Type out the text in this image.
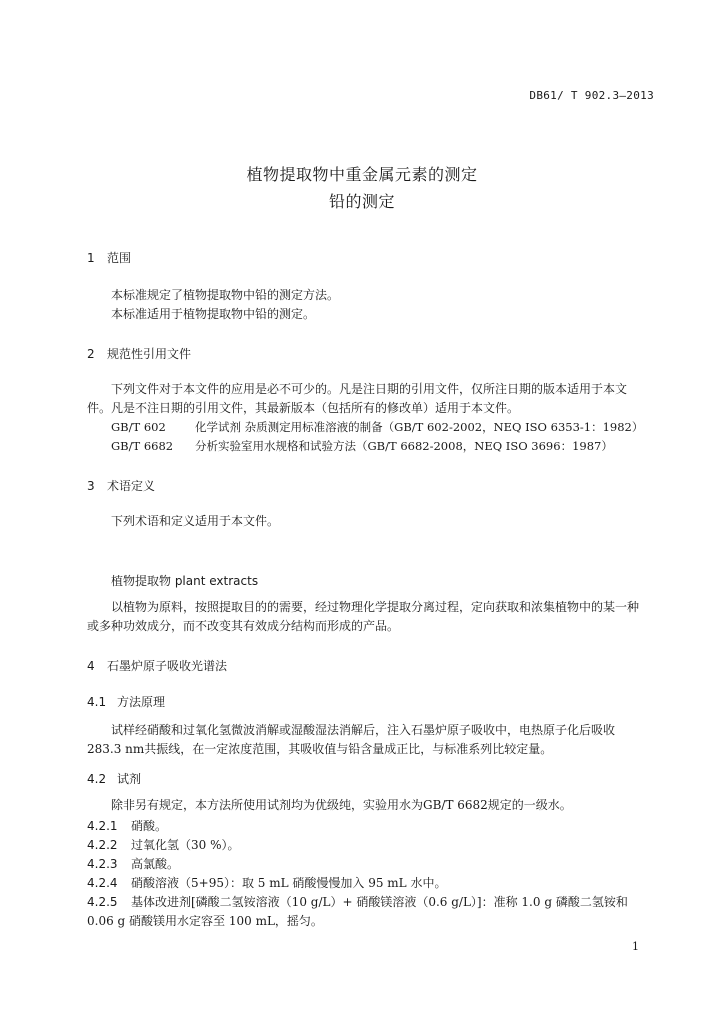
DB61/ T 902.3—2013
植物提取物中重金属元素的测定
铅的测定
1 范围
本标准规定了植物提取物中铅的测定方法。
本标准适用于植物提取物中铅的测定。
2 规范性引用文件
下列文件对于本文件的应用是必不可少的。凡是注日期的引用文件，仅所注日期的版本适用于本文
件。凡是不注日期的引用文件，其最新版本（包括所有的修改单）适用于本文件。
GB/T 602	化学试剂 杂质测定用标准溶液的制备（GB/T 602-2002，NEQ ISO 6353-1：1982）
GB/T 6682 分析实验室用水规格和试验方法（GB/T 6682-2008，NEQ ISO 3696：1987）
3 术语定义
下列术语和定义适用于本文件。
植物提取物 plant extracts
以植物为原料，按照提取目的的需要，经过物理化学提取分离过程，定向获取和浓集植物中的某一种
或多种功效成分，而不改变其有效成分结构而形成的产品。
4 石墨炉原子吸收光谱法
4.1 方法原理
试样经硝酸和过氧化氢微波消解或湿酸湿法消解后，注入石墨炉原子吸收中，电热原子化后吸收
283.3 nm共振线，在一定浓度范围，其吸收值与铅含量成正比，与标准系列比较定量。
4.2 试剂
除非另有规定，本方法所使用试剂均为优级纯，实验用水为GB/T 6682规定的一级水。
4.2.1 硝酸。
4.2.2 过氧化氢（30 %）。
4.2.3 高氯酸。
4.2.4 硝酸溶液（5+95）：取 5 mL 硝酸慢慢加入 95 mL 水中。
4.2.5 基体改进剂[磷酸二氢铵溶液（10 g/L）+ 硝酸镁溶液（0.6 g/L）]：准称 1.0 g 磷酸二氢铵和
0.06 g 硝酸镁用水定容至 100 mL，摇匀。
1
